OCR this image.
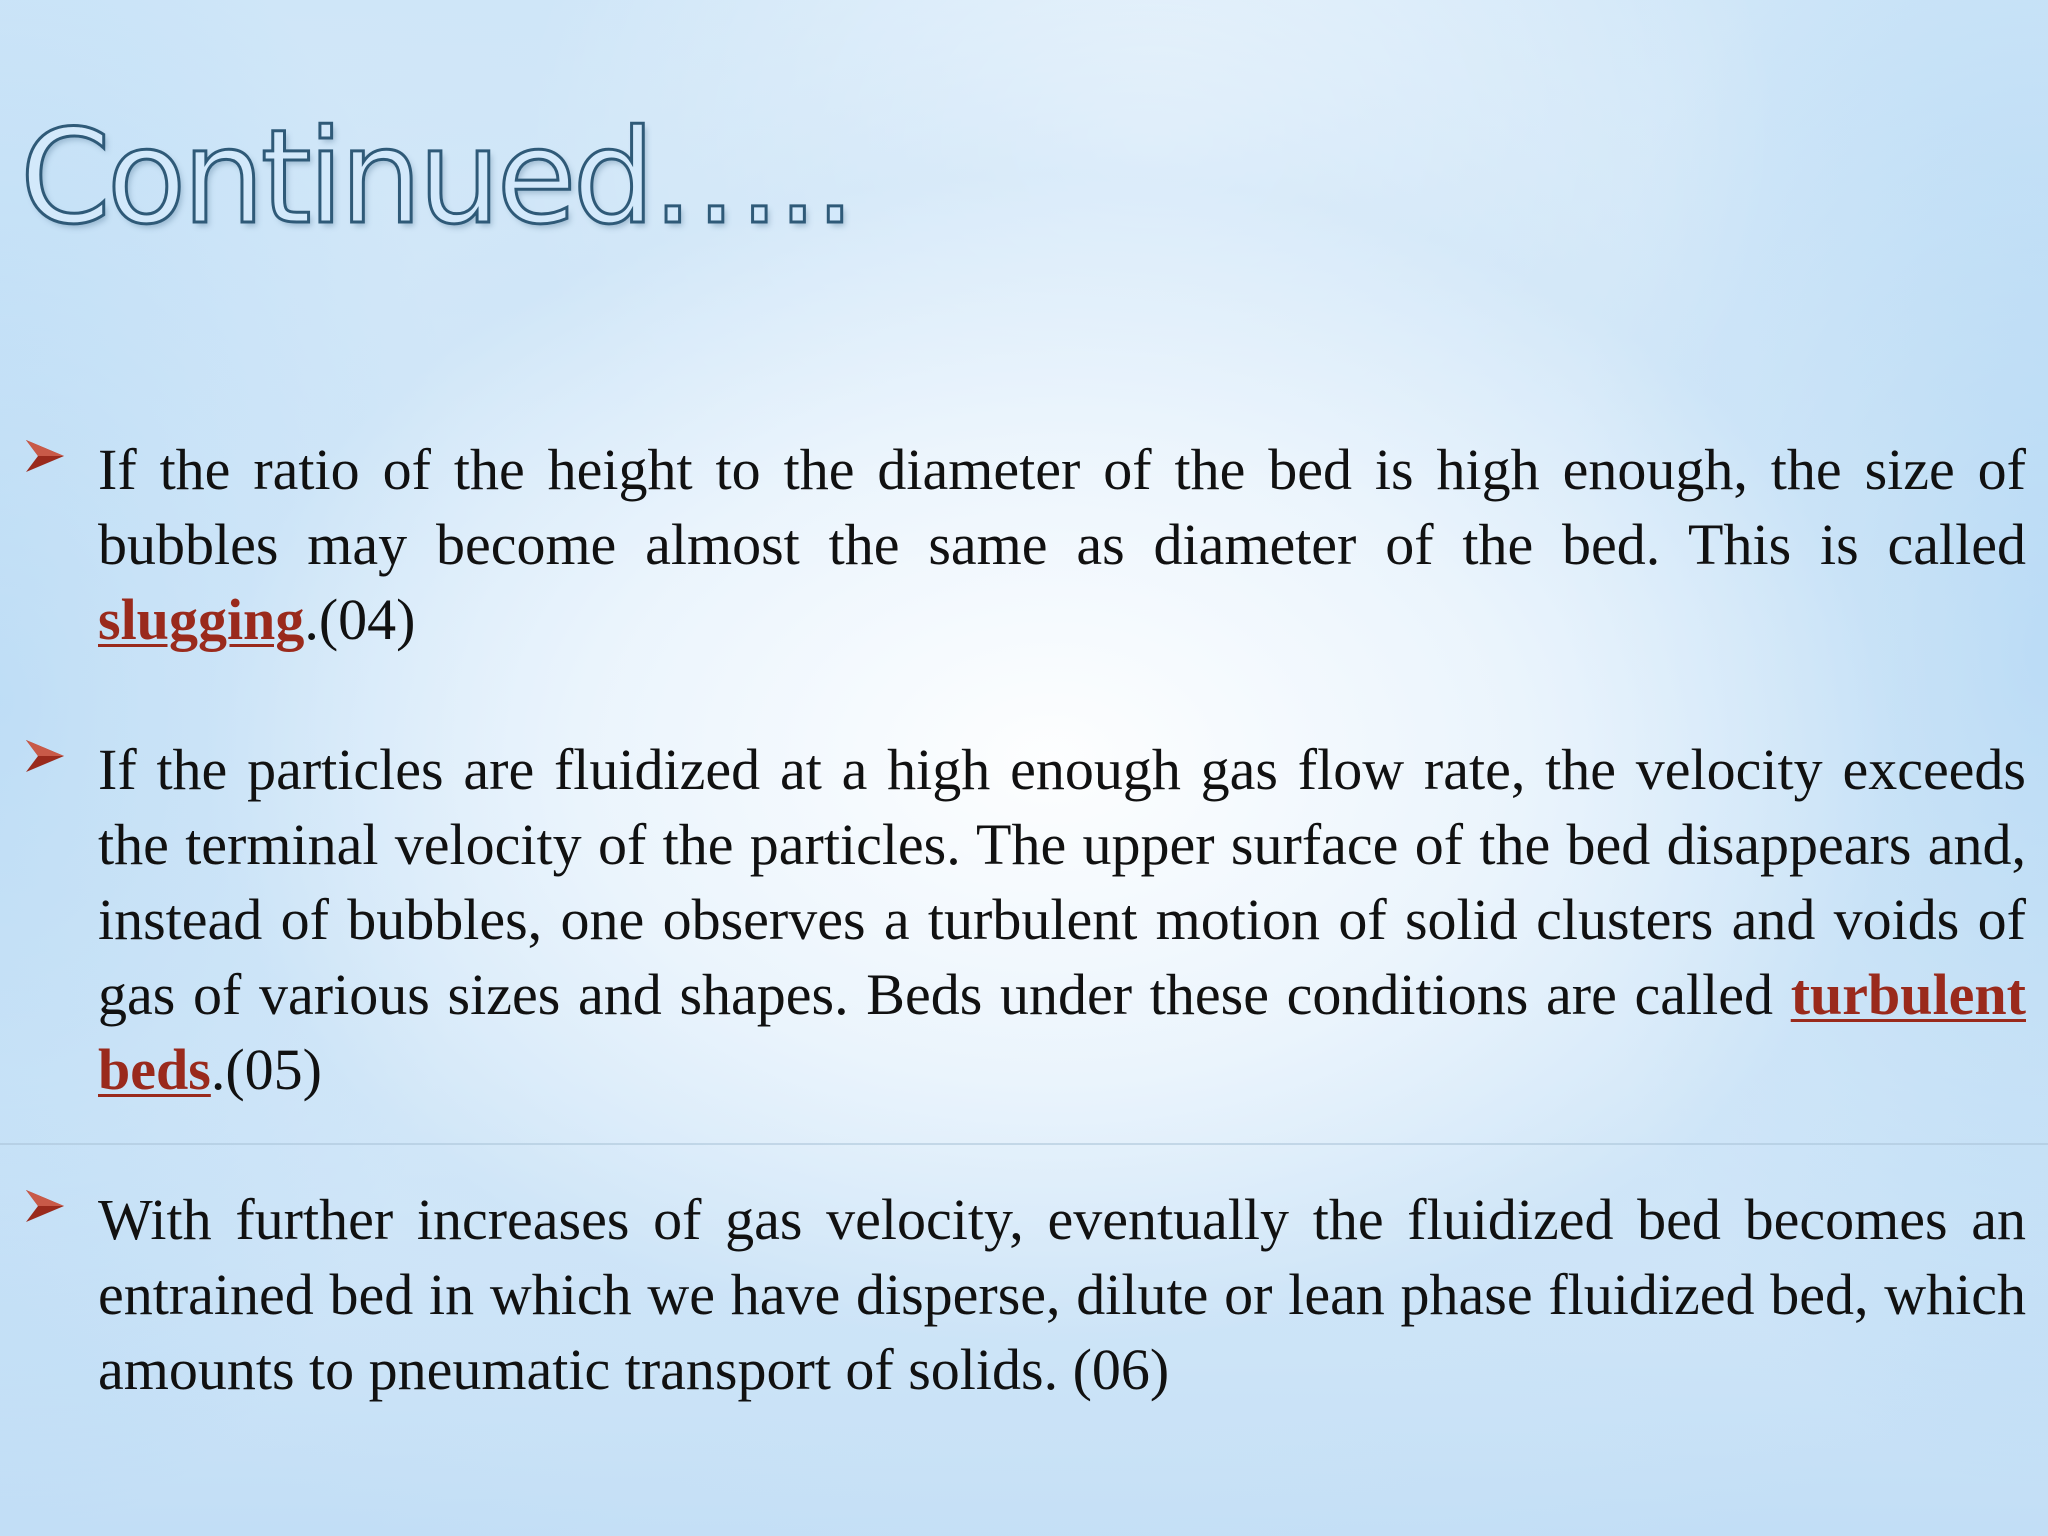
Continued…..

If the ratio of the height to the diameter of the bed is high enough, the size of bubbles may become almost the same as diameter of the bed. This is called slugging.(04)

If the particles are fluidized at a high enough gas flow rate, the velocity exceeds the terminal velocity of the particles. The upper surface of the bed disappears and, instead of bubbles, one observes a turbulent motion of solid clusters and voids of gas of various sizes and shapes. Beds under these conditions are called turbulent beds.(05)

With further increases of gas velocity, eventually the fluidized bed becomes an entrained bed in which we have disperse, dilute or lean phase fluidized bed, which amounts to pneumatic transport of solids. (06)
